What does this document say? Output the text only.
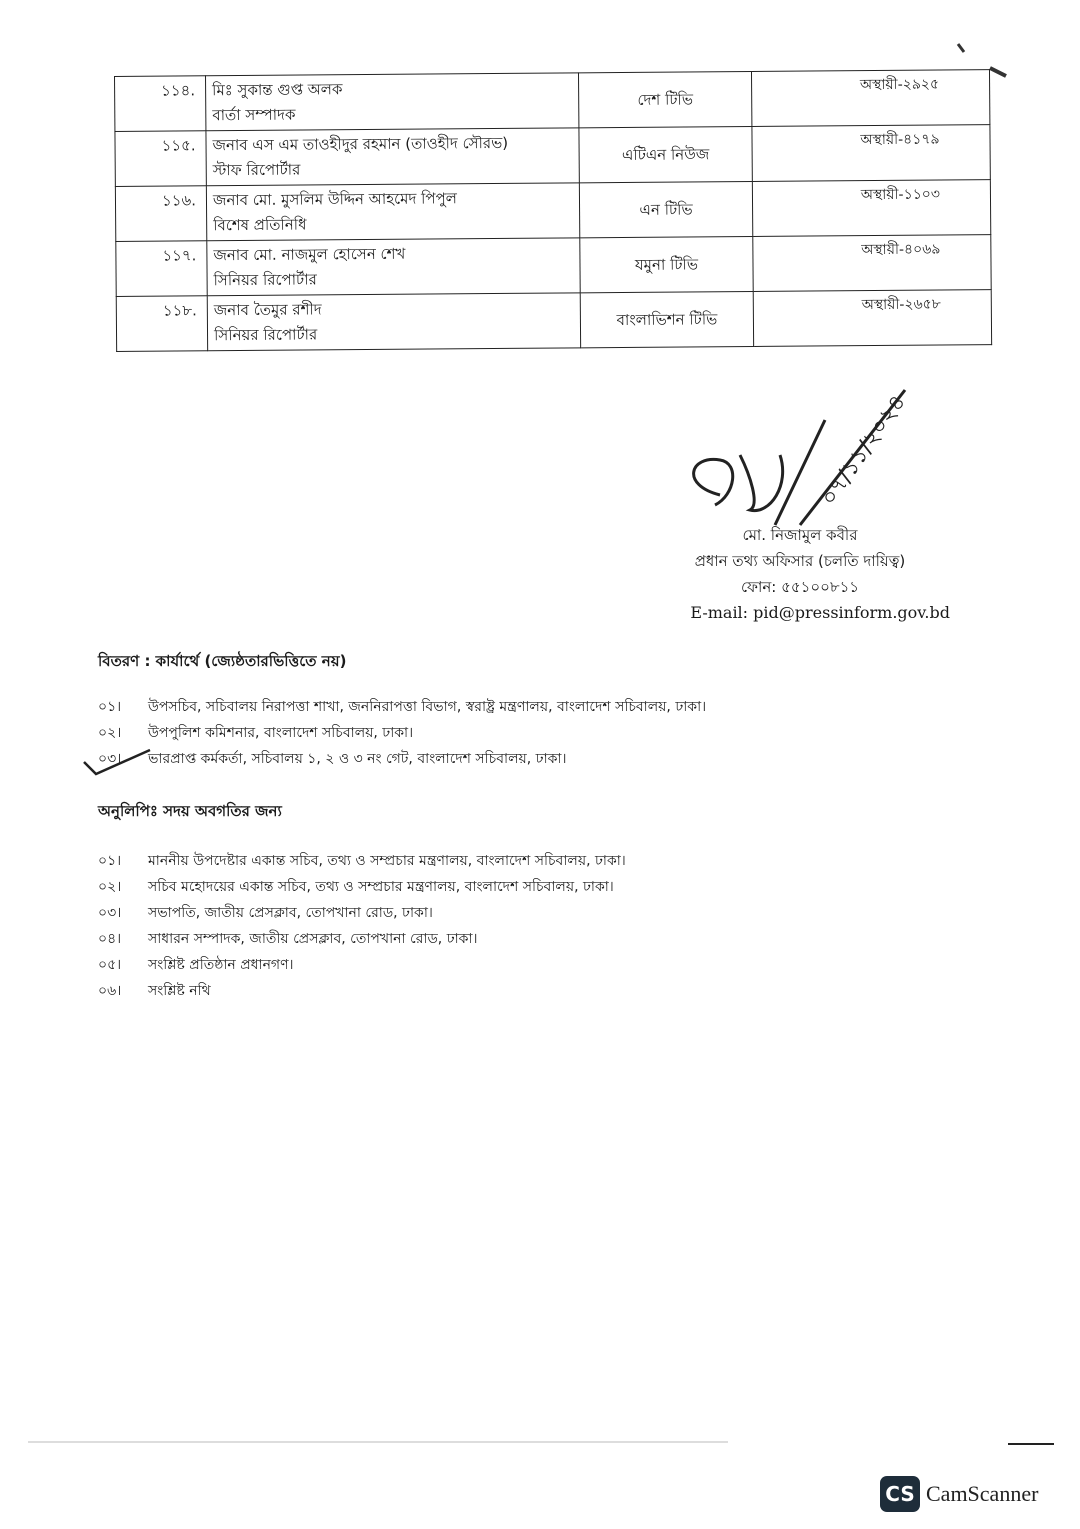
১১৪.	মিঃ সুকান্ত গুপ্ত অলক
বার্তা সম্পাদক	দেশ টিভি	অস্থায়ী-২৯২৫
১১৫.	জনাব এস এম তাওহীদুর রহমান (তাওহীদ সৌরভ)
স্টাফ রিপোর্টার	এটিএন নিউজ	অস্থায়ী-৪১৭৯
১১৬.	জনাব মো. মুসলিম উদ্দিন আহমেদ পিপুল
বিশেষ প্রতিনিধি	এন টিভি	অস্থায়ী-১১০৩
১১৭.	জনাব মো. নাজমুল হোসেন শেখ
সিনিয়র রিপোর্টার	যমুনা টিভি	অস্থায়ী-৪০৬৯
১১৮.	জনাব তৈমুর রশীদ
সিনিয়র রিপোর্টার	বাংলাভিশন টিভি	অস্থায়ী-২৬৫৮
০৭/১১/২০২৪
মো. নিজামুল কবীর
প্রধান তথ্য অফিসার (চলতি দায়িত্ব)
ফোন: ৫৫১০০৮১১
E-mail: pid@pressinform.gov.bd
বিতরণ : কার্যার্থে (জ্যেষ্ঠতারভিত্তিতে নয়)
০১।	উপসচিব, সচিবালয় নিরাপত্তা শাখা, জননিরাপত্তা বিভাগ, স্বরাষ্ট্র মন্ত্রণালয়, বাংলাদেশ সচিবালয়, ঢাকা।
০২।	উপপুলিশ কমিশনার, বাংলাদেশ সচিবালয়, ঢাকা।
০৩।	ভারপ্রাপ্ত কর্মকর্তা, সচিবালয় ১, ২ ও ৩ নং গেট, বাংলাদেশ সচিবালয়, ঢাকা।
অনুলিপিঃ সদয় অবগতির জন্য
০১।	মাননীয় উপদেষ্টার একান্ত সচিব, তথ্য ও সম্প্রচার মন্ত্রণালয়, বাংলাদেশ সচিবালয়, ঢাকা।
০২।	সচিব মহোদয়ের একান্ত সচিব, তথ্য ও সম্প্রচার মন্ত্রণালয়, বাংলাদেশ সচিবালয়, ঢাকা।
০৩।	সভাপতি, জাতীয় প্রেসক্লাব, তোপখানা রোড, ঢাকা।
০৪।	সাধারন সম্পাদক, জাতীয় প্রেসক্লাব, তোপখানা রোড, ঢাকা।
০৫।	সংশ্লিষ্ট প্রতিষ্ঠান প্রধানগণ।
০৬।	সংশ্লিষ্ট নথি
CS CamScanner
